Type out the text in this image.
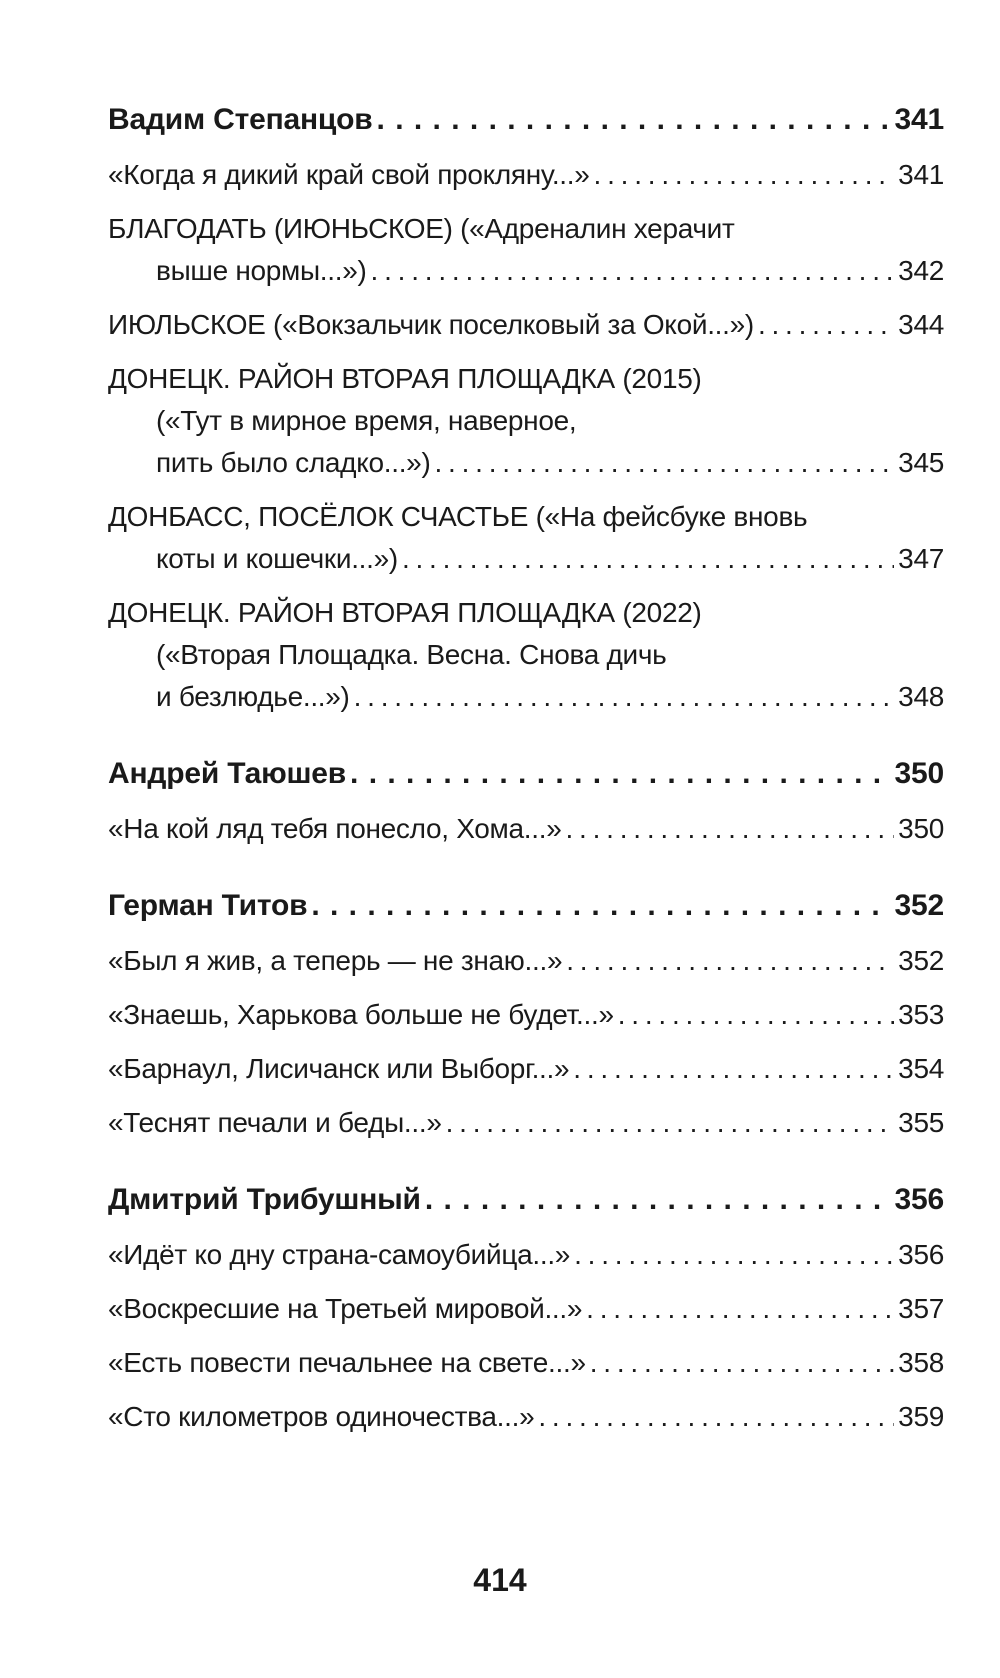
Вадим Степанцов . . .	341
«Когда я дикий край свой прокляну...» . . .	341
БЛАГОДАТЬ (ИЮНЬСКОЕ) («Адреналин херачит
выше нормы...») . . .	342
ИЮЛЬСКОЕ («Вокзальчик поселковый за Окой...») . . .	344
ДОНЕЦК. РАЙОН ВТОРАЯ ПЛОЩАДКА (2015)
(«Тут в мирное время, наверное,
пить было сладко...») . . .	345
ДОНБАСС, ПОСЁЛОК СЧАСТЬЕ («На фейсбуке вновь
коты и кошечки...») . . .	347
ДОНЕЦК. РАЙОН ВТОРАЯ ПЛОЩАДКА (2022)
(«Вторая Площадка. Весна. Снова дичь
и безлюдье...») . . .	348
Андрей Таюшев . . .	350
«На кой ляд тебя понесло, Хома...» . . .	350
Герман Титов . . .	352
«Был я жив, а теперь — не знаю...» . . .	352
«Знаешь, Харькова больше не будет...» . . .	353
«Барнаул, Лисичанск или Выборг...» . . .	354
«Теснят печали и беды...» . . .	355
Дмитрий Трибушный . . .	356
«Идёт ко дну страна-самоубийца...» . . .	356
«Воскресшие на Третьей мировой...» . . .	357
«Есть повести печальнее на свете...» . . .	358
«Сто километров одиночества...» . . .	359
414
